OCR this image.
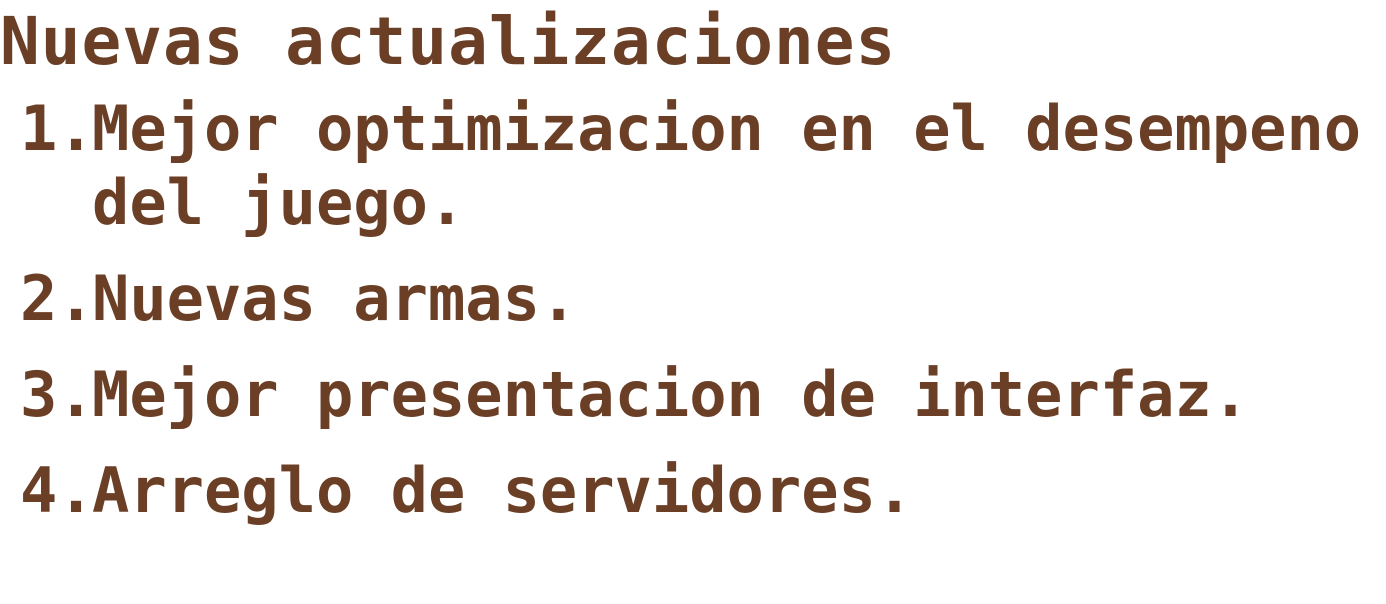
Nuevas actualizaciones
1.
Mejor optimizacion en el desempeno del juego.
2.
Nuevas armas.
3.
Mejor presentacion de interfaz.
4.
Arreglo de servidores.
